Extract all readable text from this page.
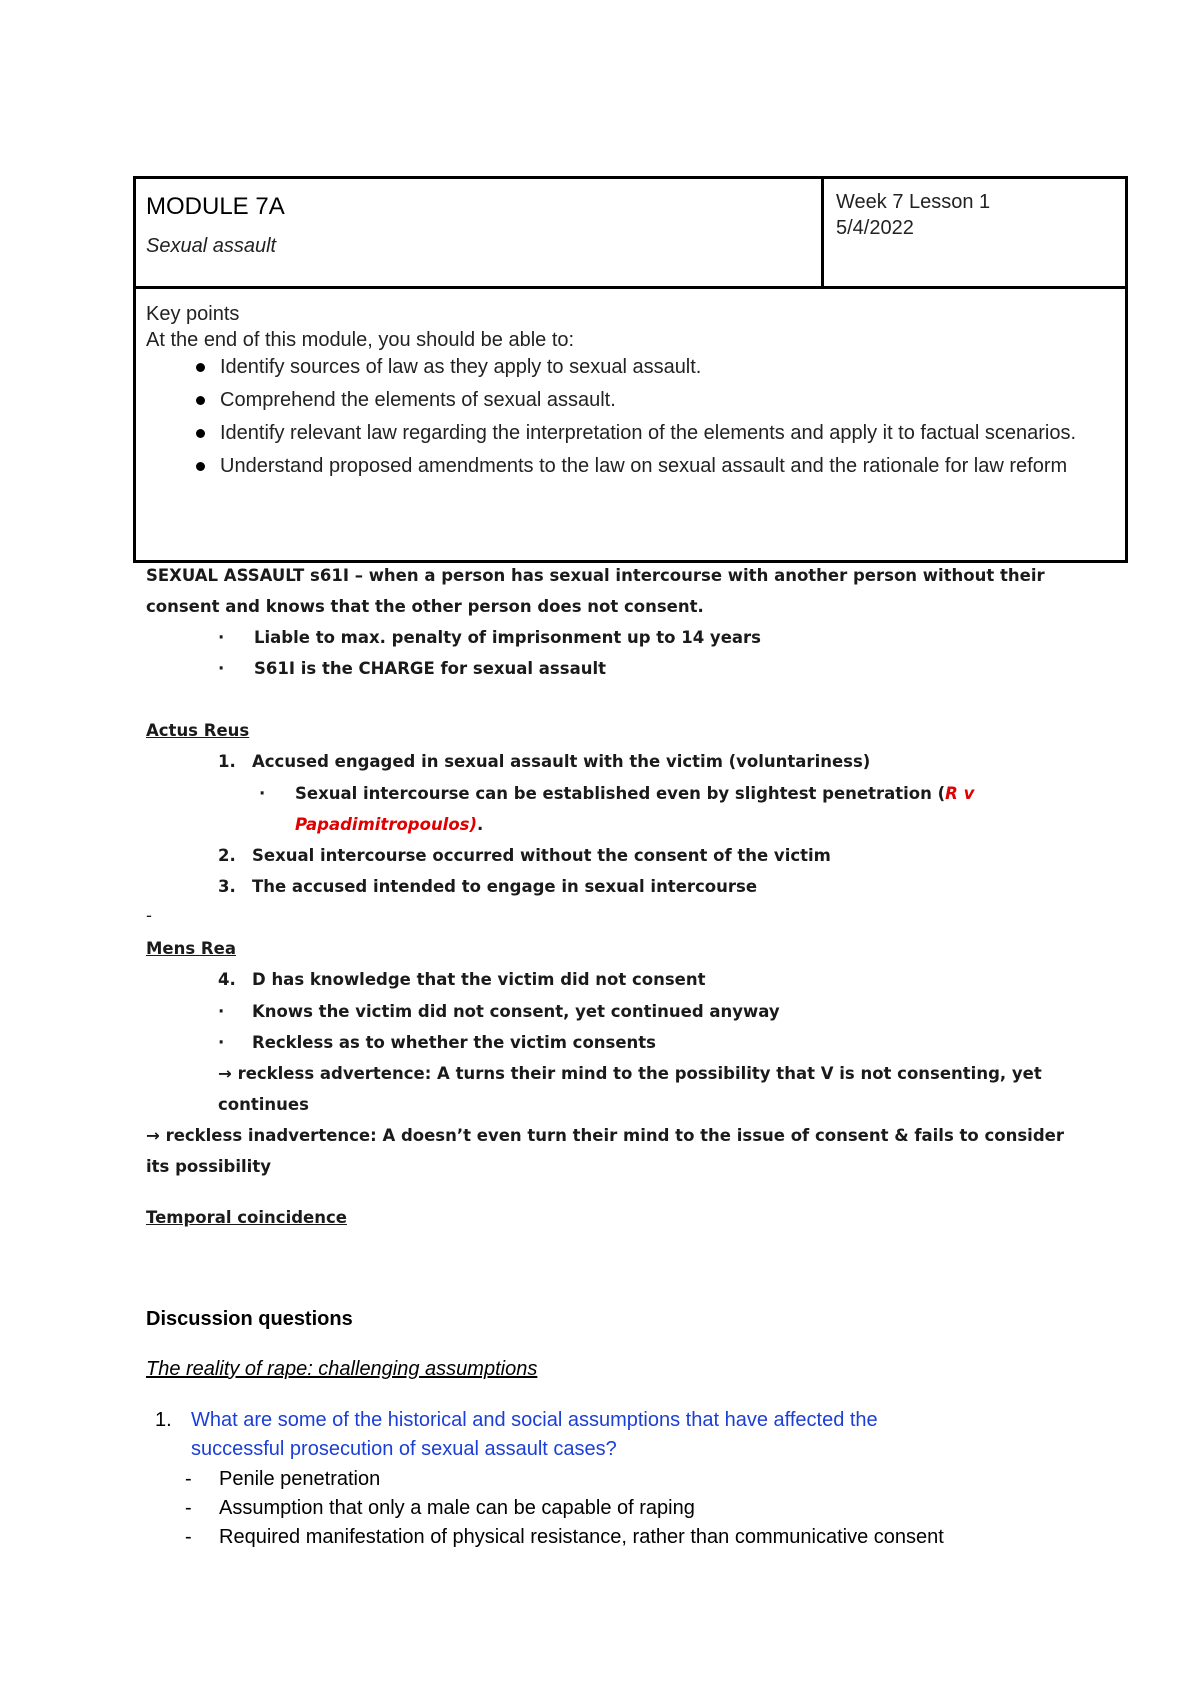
MODULE 7A
Sexual assault
Week 7 Lesson 1
5/4/2022
Key points
At the end of this module, you should be able to:
Identify sources of law as they apply to sexual assault.
Comprehend the elements of sexual assault.
Identify relevant law regarding the interpretation of the elements and apply it to factual scenarios.
Understand proposed amendments to the law on sexual assault and the rationale for law reform
SEXUAL ASSAULT s61I – when a person has sexual intercourse with another person without their
consent and knows that the other person does not consent.
· Liable to max. penalty of imprisonment up to 14 years
· S61I is the CHARGE for sexual assault
Actus Reus
1. Accused engaged in sexual assault with the victim (voluntariness)
· Sexual intercourse can be established even by slightest penetration (R v
Papadimitropoulos).
2. Sexual intercourse occurred without the consent of the victim
3. The accused intended to engage in sexual intercourse
-
Mens Rea
4. D has knowledge that the victim did not consent
· Knows the victim did not consent, yet continued anyway
· Reckless as to whether the victim consents
→ reckless advertence: A turns their mind to the possibility that V is not consenting, yet
continues
→ reckless inadvertence: A doesn’t even turn their mind to the issue of consent & fails to consider
its possibility
Temporal coincidence
Discussion questions
The reality of rape: challenging assumptions
1. What are some of the historical and social assumptions that have affected the
successful prosecution of sexual assault cases?
- Penile penetration
- Assumption that only a male can be capable of raping
- Required manifestation of physical resistance, rather than communicative consent
